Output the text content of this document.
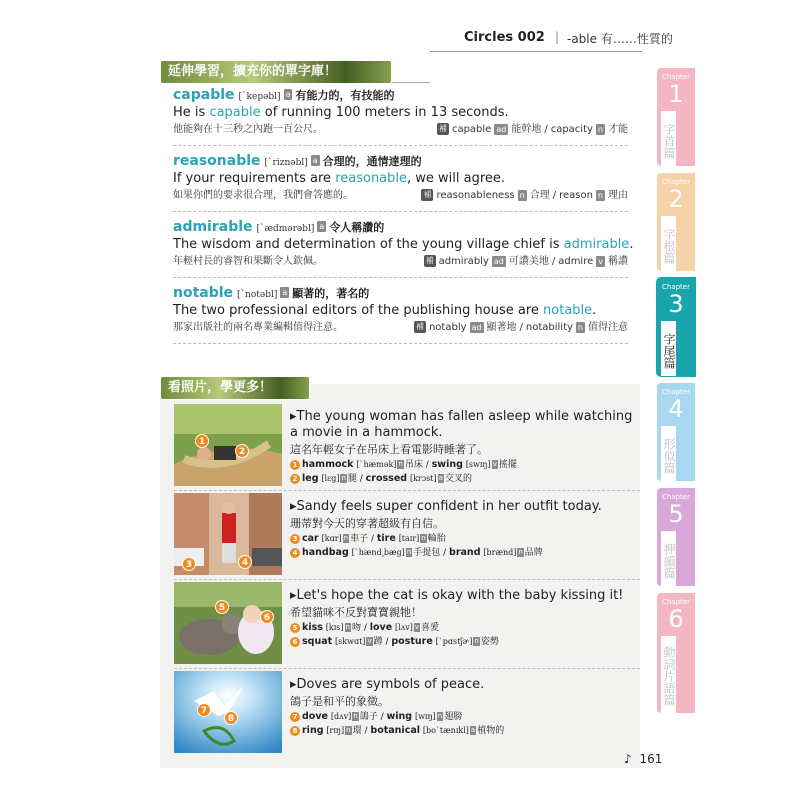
Circles 002 | -able 有……性質的
延伸學習，擴充你的單字庫！
capable [ˋkepəbl] a 有能力的，有技能的
He is capable of running 100 meters in 13 seconds.
他能夠在十三秒之內跑一百公尺。	補 capable ad 能幹地 / capacity n 才能
reasonable [ˋriznəbl] a 合理的，通情達理的
If your requirements are reasonable, we will agree.
如果你們的要求很合理，我們會答應的。	補 reasonableness n 合理 / reason n 理由
admirable [ˋædmərəbl] a 令人稱讚的
The wisdom and determination of the young village chief is admirable.
年輕村長的睿智和果斷令人欽佩。	補 admirably ad 可讚美地 / admire v 稱讚
notable [ˋnotəbl] a 顯著的，著名的
The two professional editors of the publishing house are notable.
那家出版社的兩名專業編輯值得注意。	補 notably ad 顯著地 / notability n 值得注意
看照片，學更多！
1
2
3	4
5
6
7
8
▸The young woman has fallen asleep while watching a movie in a hammock.
這名年輕女子在吊床上看電影時睡著了。
1 hammock [ˋhæmək] n 吊床 / swing [swɪŋ] v 搖擺
2 leg [lɛg] n 腿 / crossed [krɔst] a 交叉的
▸Sandy feels super confident in her outfit today.
珊蒂對今天的穿著超級有自信。
3 car [kɑr] n 車子 / tire [taɪr] n 輪胎
4 handbag [ˋhænd͵bæg] n 手提包 / brand [brænd] n 品牌
▸Let's hope the cat is okay with the baby kissing it!
希望貓咪不反對寶寶親牠！
5 kiss [kɪs] n 吻 / love [lʌv] v 喜愛
6 squat [skwɑt] v 蹲 / posture [ˋpɑstʃɚ] n 姿勢
▸Doves are symbols of peace.
鴿子是和平的象徵。
7 dove [dʌv] n 鴿子 / wing [wɪŋ] n 翅膀
8 ring [rɪŋ] n 環 / botanical [boˋtænɪkl] a 植物的
Chapter
1
字首篇
Chapter
2
字根篇
Chapter
3
字尾篇
Chapter
4
形似篇
Chapter
5
押韻篇
Chapter
6
動詞片語篇
♪ 161
